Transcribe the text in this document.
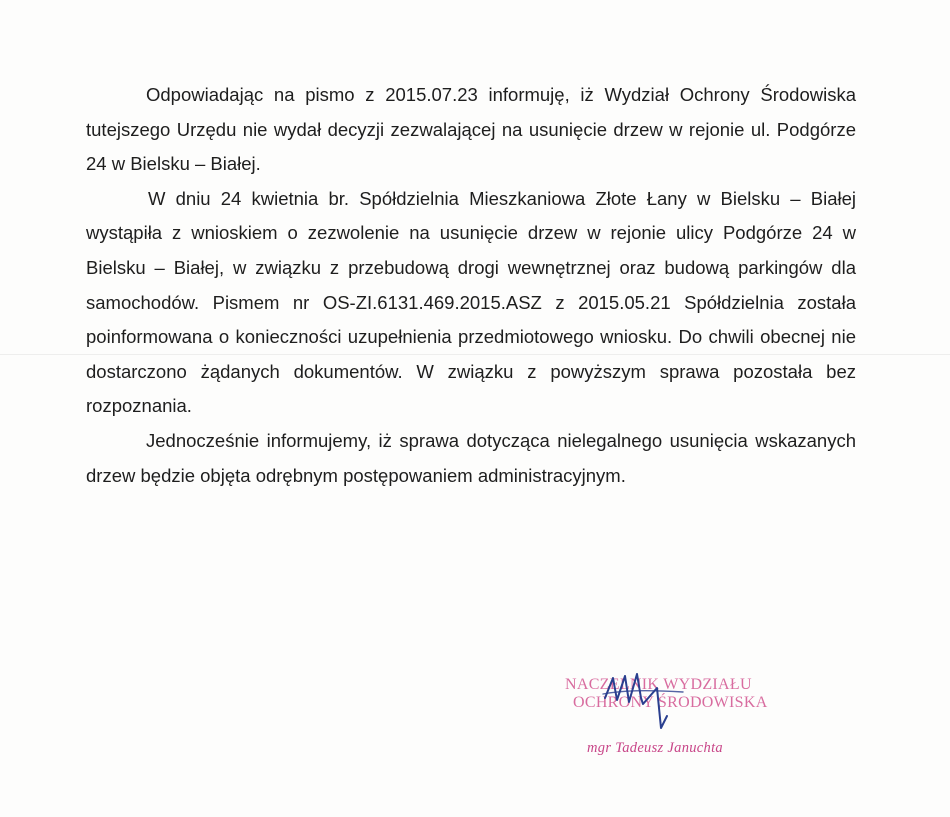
Odpowiadając na pismo z 2015.07.23 informuję, iż Wydział Ochrony Środowiska tutejszego Urzędu nie wydał decyzji zezwalającej na usunięcie drzew w rejonie ul. Podgórze 24 w Bielsku – Białej.

W dniu 24 kwietnia br. Spółdzielnia Mieszkaniowa Złote Łany w Bielsku – Białej wystąpiła z wnioskiem o zezwolenie na usunięcie drzew w rejonie ulicy Podgórze 24 w Bielsku – Białej, w związku z przebudową drogi wewnętrznej oraz budową parkingów dla samochodów. Pismem nr OS-ZI.6131.469.2015.ASZ z 2015.05.21 Spółdzielnia została poinformowana o konieczności uzupełnienia przedmiotowego wniosku. Do chwili obecnej nie dostarczono żądanych dokumentów. W związku z powyższym sprawa pozostała bez rozpoznania.

Jednocześnie informujemy, iż sprawa dotycząca nielegalnego usunięcia wskazanych drzew będzie objęta odrębnym postępowaniem administracyjnym.

NACZELNIK WYDZIAŁU
OCHRONY ŚRODOWISKA
mgr Tadeusz Januchta
